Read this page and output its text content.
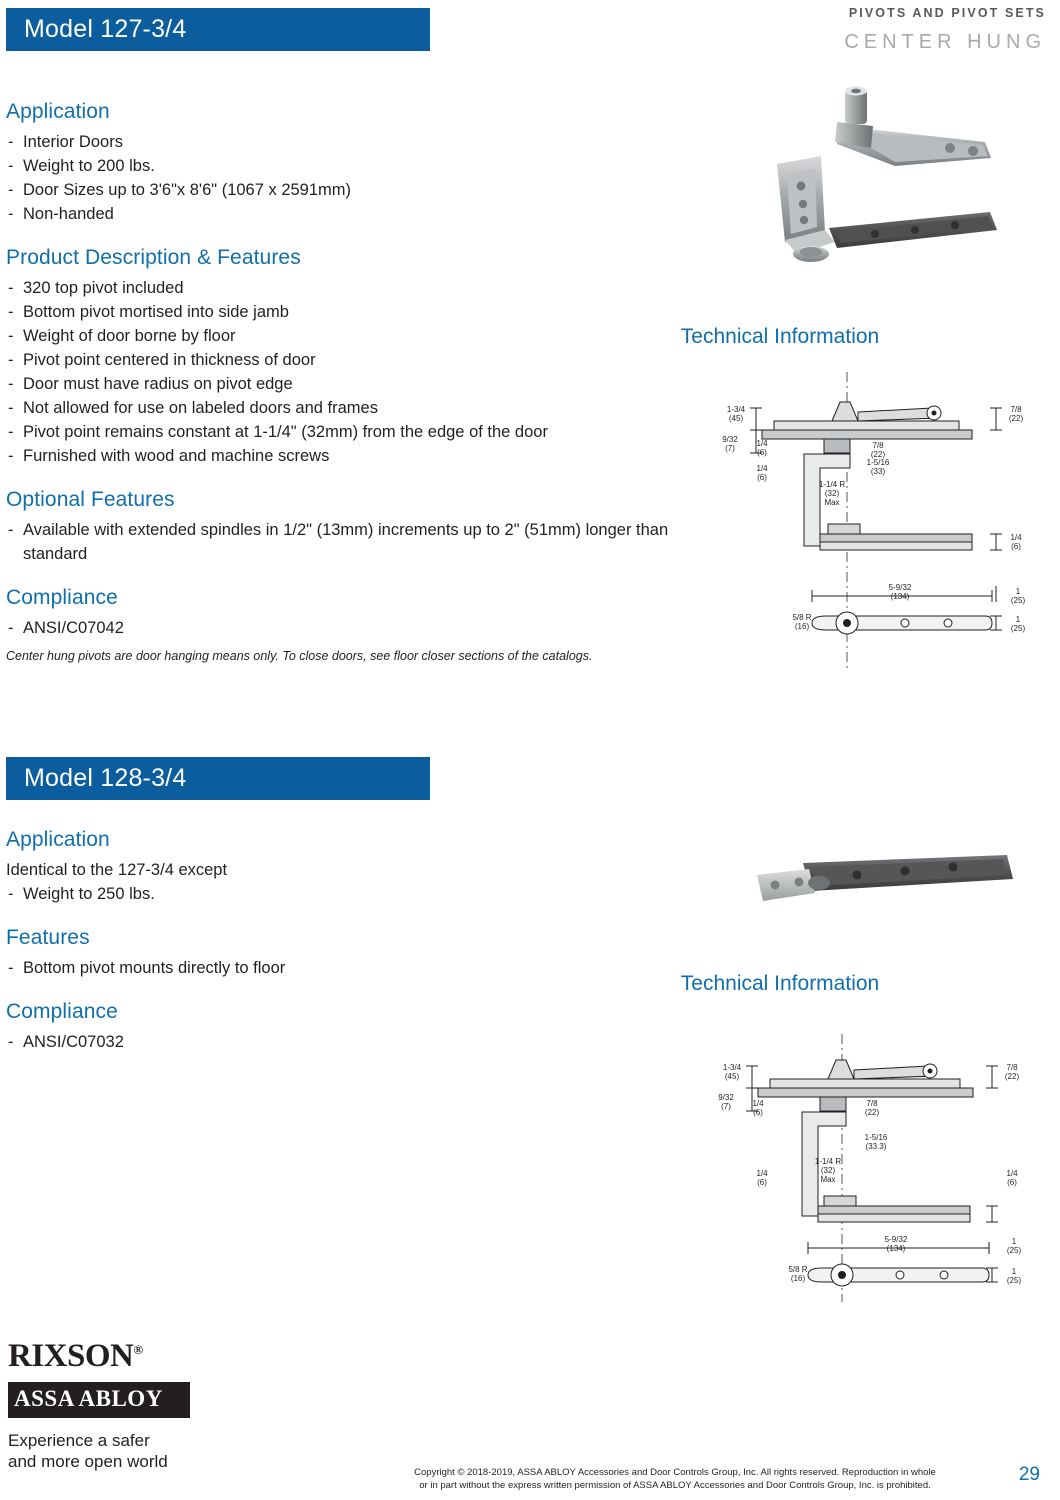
PIVOTS AND PIVOT SETS
CENTER HUNG
Model 127-3/4
Application
- Interior Doors
- Weight to 200 lbs.
- Door Sizes up to 3'6"x 8'6" (1067 x 2591mm)
- Non-handed
Product Description & Features
- 320 top pivot included
- Bottom pivot mortised into side jamb
- Weight of door borne by floor
- Pivot point centered in thickness of door
- Door must have radius on pivot edge
- Not allowed for use on labeled doors and frames
- Pivot point remains constant at 1-1/4" (32mm) from the edge of the door
- Furnished with wood and machine screws
Optional Features
- Available with extended spindles in 1/2" (13mm) increments up to 2" (51mm) longer than standard
Compliance
- ANSI/C07042

Center hung pivots are door hanging means only. To close doors, see floor closer sections of the catalogs.

Technical Information
1-3/4
(45)
9/32
(7)
1/4
(6)
1/4
(6)
7/8
(22)
1-5/16
(33)
7/8
(22)
1-1/4 R
(32)
Max
1/4
(6)
1
(25)
5-9/32
(134)
5/8 R
(16)
1
(25)
Model 128-3/4
Application
Identical to the 127-3/4 except
- Weight to 250 lbs.
Features
- Bottom pivot mounts directly to floor
Compliance
- ANSI/C07032
Technical Information
1-3/4
(45)
9/32
(7)	1/4
(6)
7/8
(22)
7/8
(22)
1-5/16
(33.3)
1-1/4 R
(32)
Max
1/4
(6)
1/4
(6)
1
(25)
5-9/32
(134)
5/8 R
(16)
1
(25)
RIXSON®
ASSA ABLOY
Experience a safer
and more open world
Copyright © 2018-2019, ASSA ABLOY Accessories and Door Controls Group, Inc. All rights reserved. Reproduction in whole
or in part without the express written permission of ASSA ABLOY Accessories and Door Controls Group, Inc. is prohibited.
29
